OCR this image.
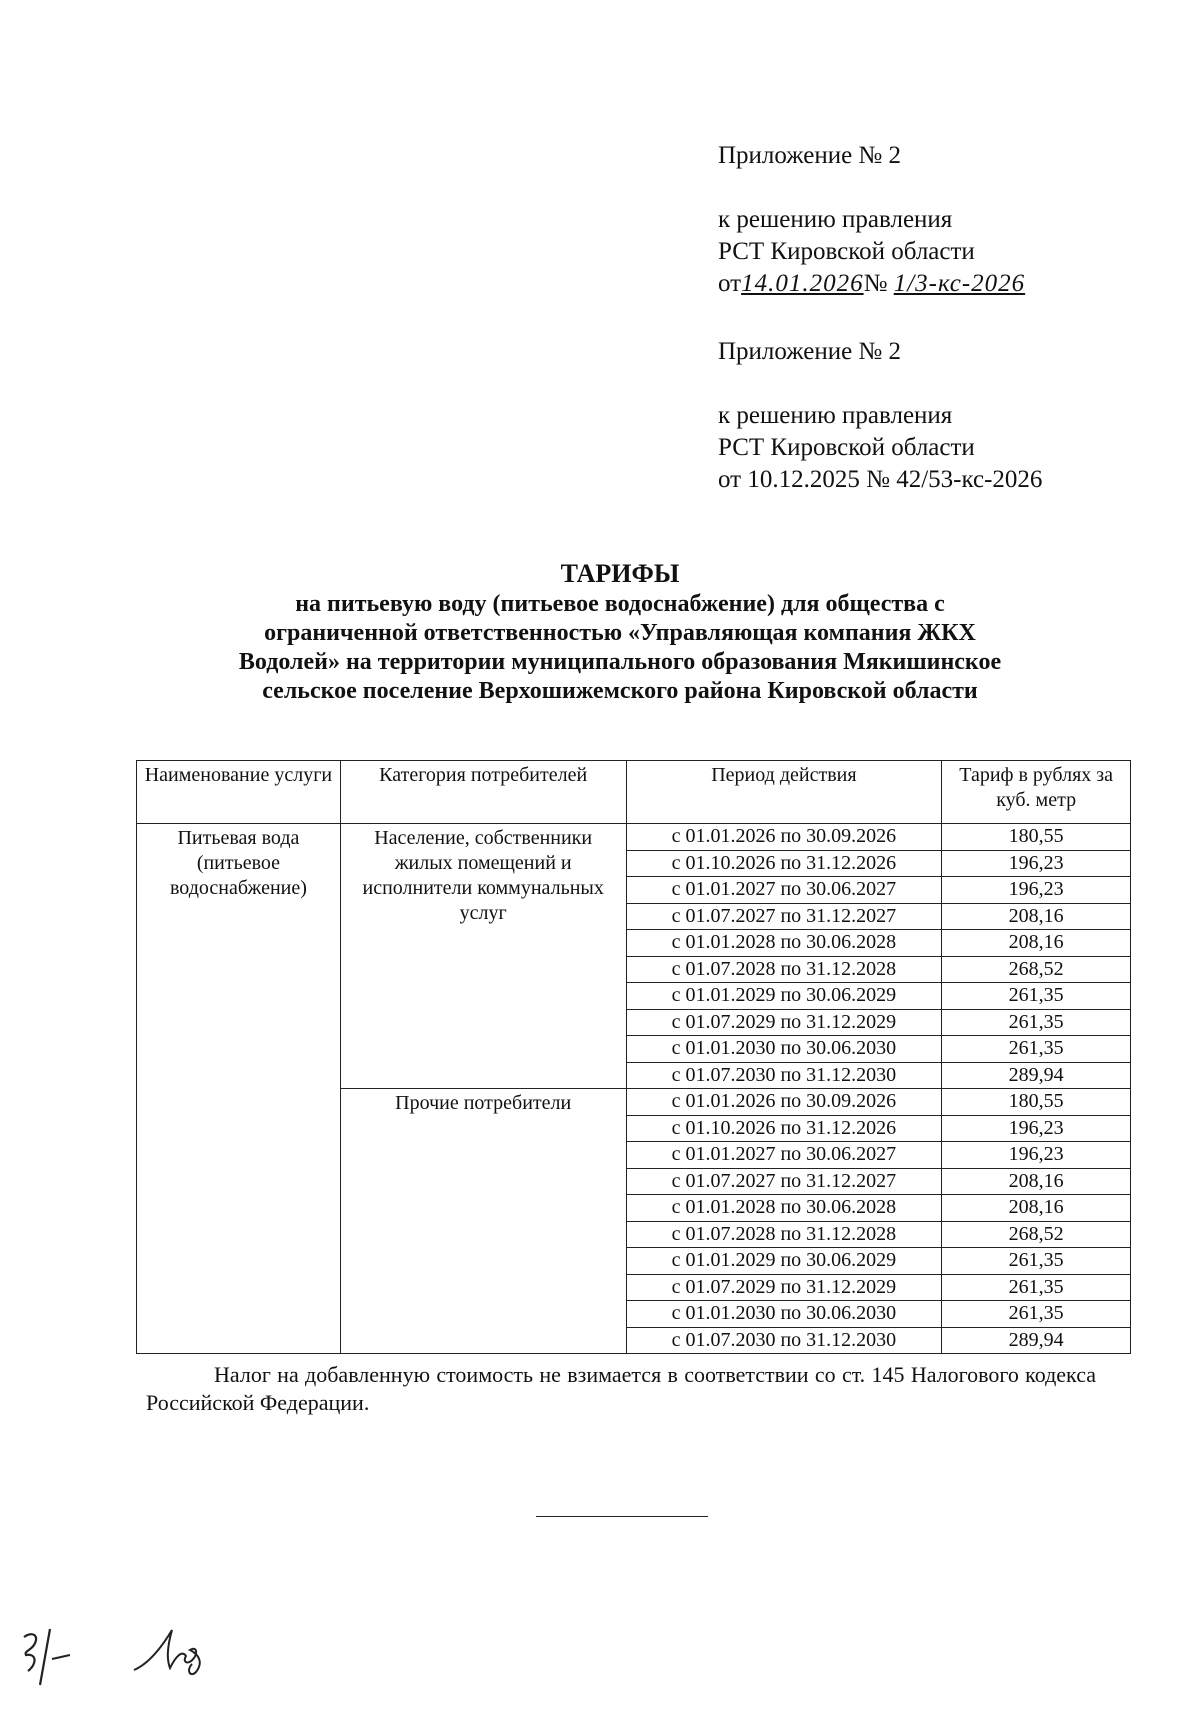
Приложение № 2
к решению правления
РСТ Кировской области
от14.01.2026№ 1/3-кс-2026
Приложение № 2
к решению правления
РСТ Кировской области
от 10.12.2025 № 42/53-кс-2026
ТАРИФЫ
на питьевую воду (питьевое водоснабжение) для общества с
ограниченной ответственностью «Управляющая компания ЖКХ
Водолей» на территории муниципального образования Мякишинское
сельское поселение Верхошижемского района Кировской области
Наименование услуги	Категория потребителей	Период действия	Тариф в рублях за куб. метр
Питьевая вода (питьевое водоснабжение)	Население, собственники жилых помещений и исполнители коммунальных услуг	с 01.01.2026 по 30.09.2026	180,55
		с 01.10.2026 по 31.12.2026	196,23
		с 01.01.2027 по 30.06.2027	196,23
		с 01.07.2027 по 31.12.2027	208,16
		с 01.01.2028 по 30.06.2028	208,16
		с 01.07.2028 по 31.12.2028	268,52
		с 01.01.2029 по 30.06.2029	261,35
		с 01.07.2029 по 31.12.2029	261,35
		с 01.01.2030 по 30.06.2030	261,35
		с 01.07.2030 по 31.12.2030	289,94
	Прочие потребители	с 01.01.2026 по 30.09.2026	180,55
		с 01.10.2026 по 31.12.2026	196,23
		с 01.01.2027 по 30.06.2027	196,23
		с 01.07.2027 по 31.12.2027	208,16
		с 01.01.2028 по 30.06.2028	208,16
		с 01.07.2028 по 31.12.2028	268,52
		с 01.01.2029 по 30.06.2029	261,35
		с 01.07.2029 по 31.12.2029	261,35
		с 01.01.2030 по 30.06.2030	261,35
		с 01.07.2030 по 31.12.2030	289,94
Налог на добавленную стоимость не взимается в соответствии со ст. 145 Налогового кодекса Российской Федерации.
